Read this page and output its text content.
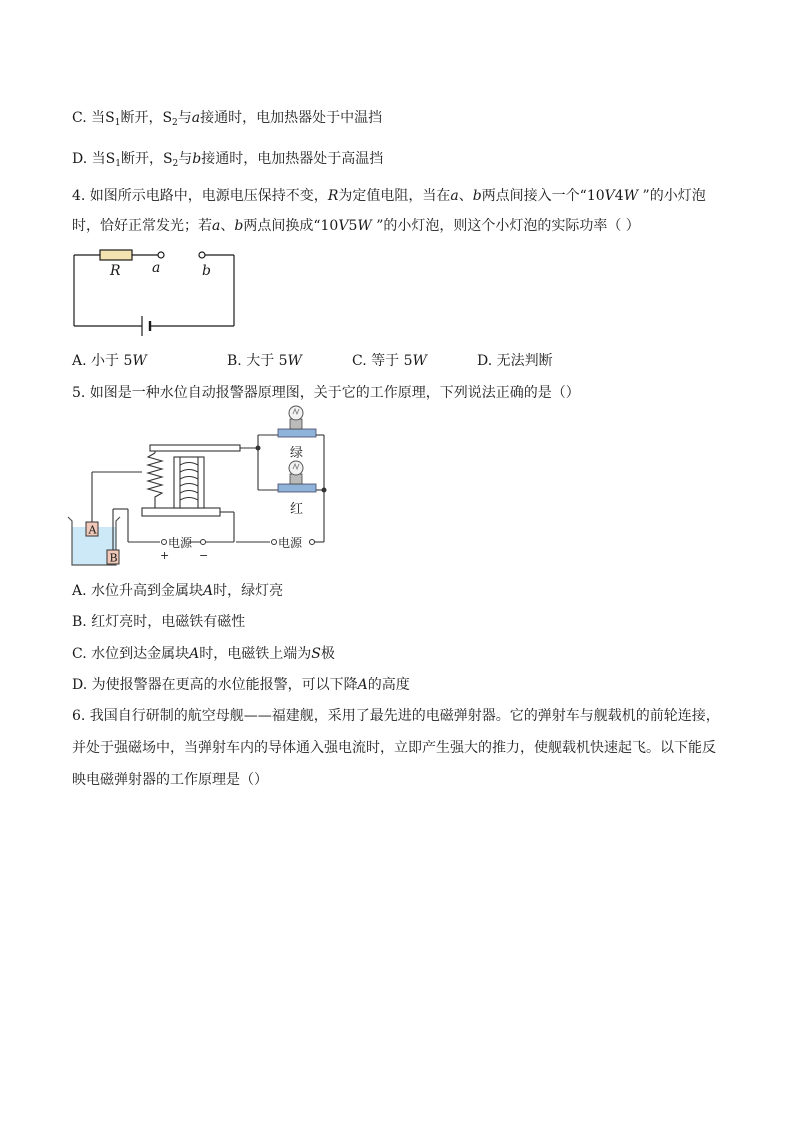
C. 当$S_1$断开，$S_2$与a接通时，电加热器处于中温挡
D. 当$S_1$断开，$S_2$与b接通时，电加热器处于高温挡
4. 如图所示电路中，电源电压保持不变，R为定值电阻，当在a、b两点间接入一个“10V4W ”的小灯泡
时，恰好正常发光；若a、b两点间换成“10V5W ”的小灯泡，则这个小灯泡的实际功率（ ）
R a	b
A. 小于 5W	B. 大于 5W	C. 等于 5W	D. 无法判断
5. 如图是一种水位自动报警器原理图，关于它的工作原理，下列说法正确的是（）
A
B
绿
红
电源
+	−
电源
A. 水位升高到金属块A时，绿灯亮
B. 红灯亮时，电磁铁有磁性
C. 水位到达金属块A时，电磁铁上端为S极
D. 为使报警器在更高的水位能报警，可以下降A的高度
6. 我国自行研制的航空母舰——福建舰，采用了最先进的电磁弹射器。它的弹射车与舰载机的前轮连接，
并处于强磁场中，当弹射车内的导体通入强电流时，立即产生强大的推力，使舰载机快速起飞。以下能反
映电磁弹射器的工作原理是（）
